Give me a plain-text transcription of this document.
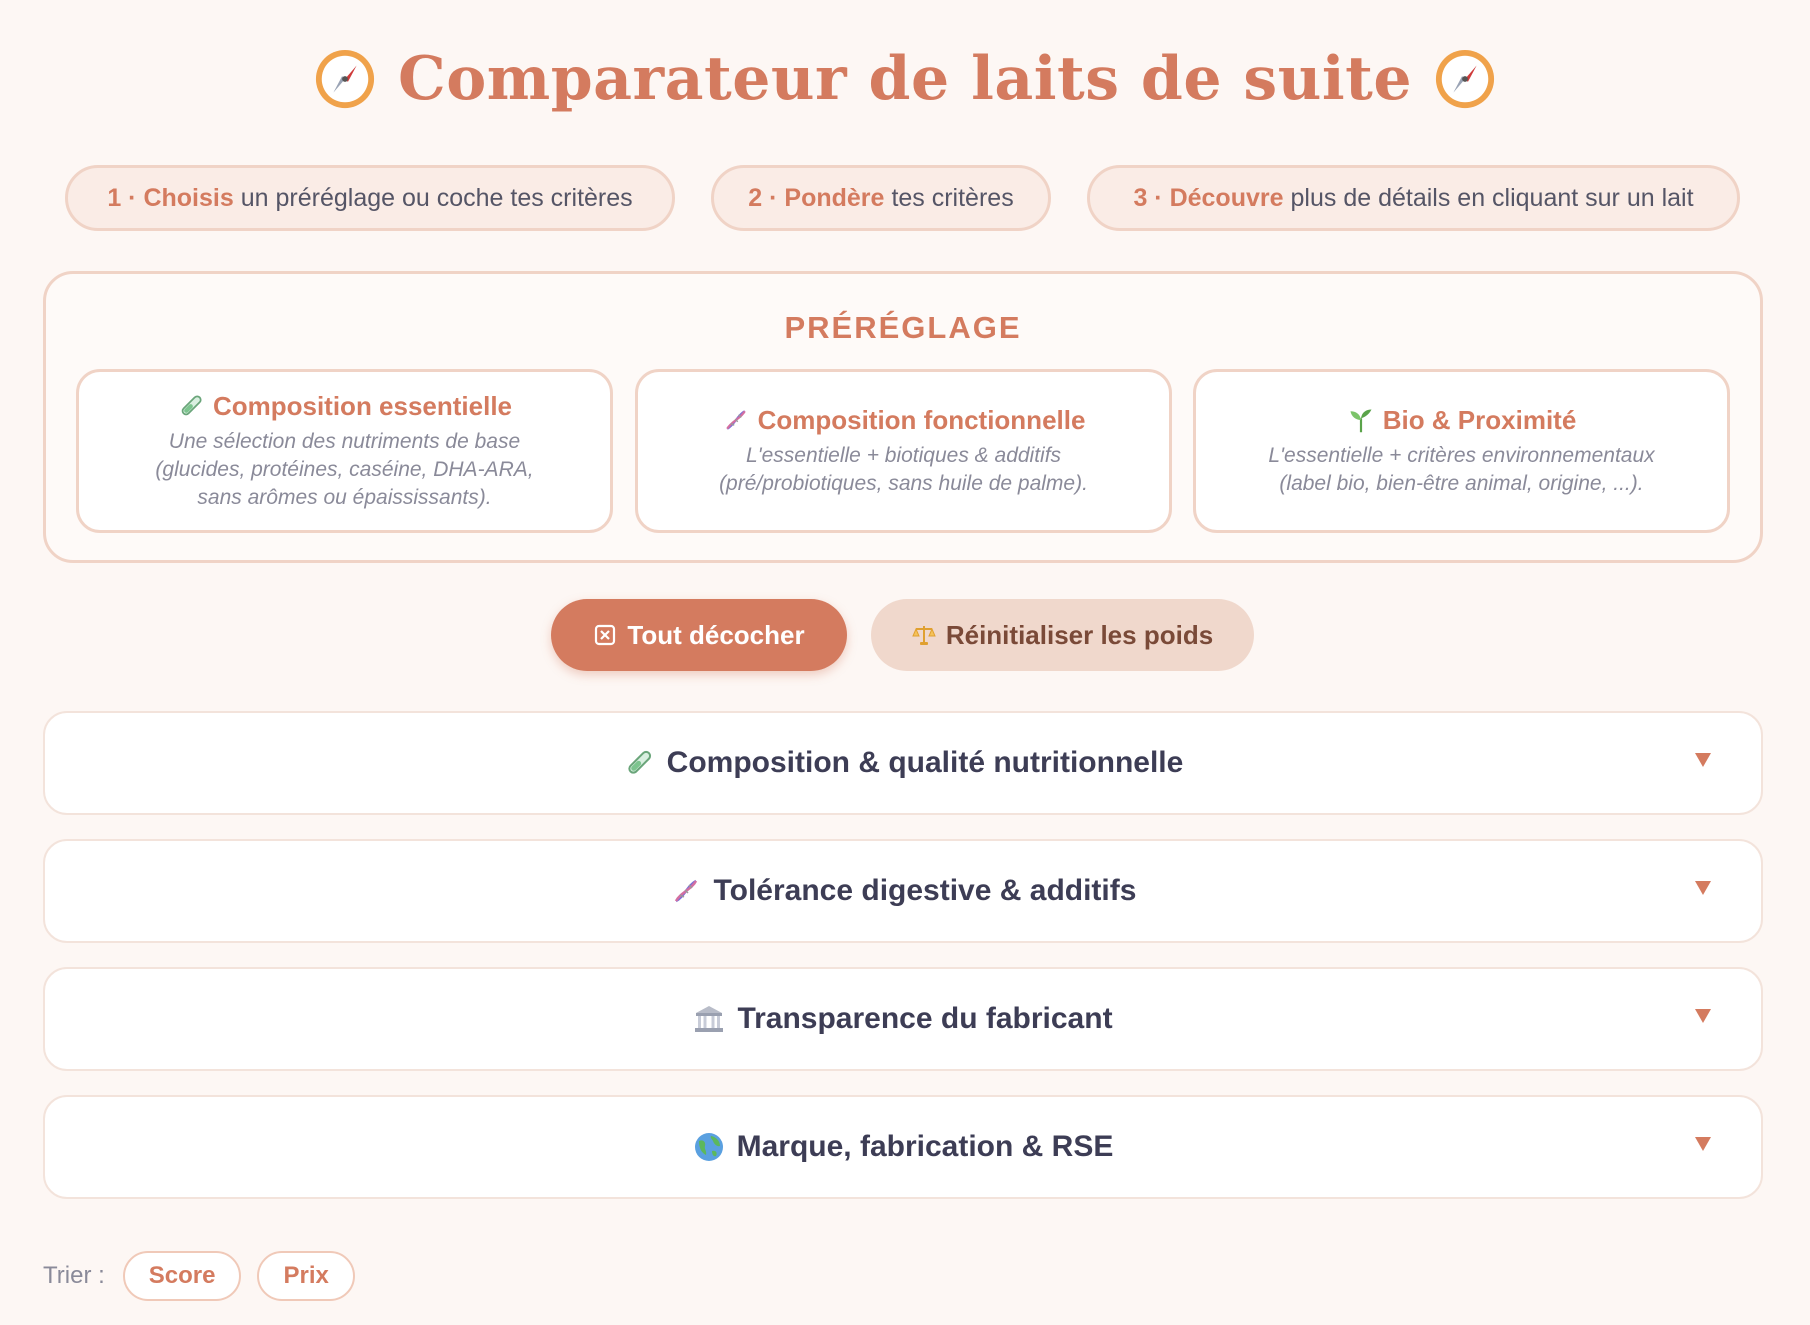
Comparateur de laits de suite
1 · Choisis un préréglage ou coche tes critères	2 · Pondère tes critères	3 · Découvre plus de détails en cliquant sur un lait
PRÉRÉGLAGE
Composition essentielle
Une sélection des nutriments de base
(glucides, protéines, caséine, DHA-ARA,
sans arômes ou épaississants).
Composition fonctionnelle
L'essentielle + biotiques & additifs
(pré/probiotiques, sans huile de palme).
Bio & Proximité
L'essentielle + critères environnementaux
(label bio, bien-être animal, origine, ...).
Tout décocher	Réinitialiser les poids
Composition & qualité nutritionnelle
Tolérance digestive & additifs
Transparence du fabricant
Marque, fabrication & RSE
Trier :	Score	Prix
